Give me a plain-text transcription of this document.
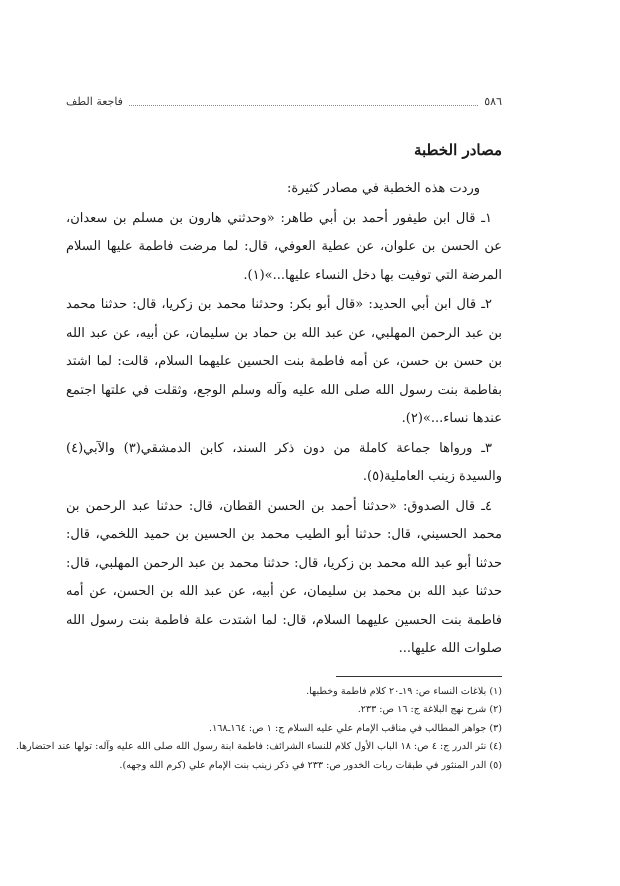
٥٨٦
فاجعة الطف
مصادر الخطبة

وردت هذه الخطبة في مصادر كثيرة:

١ـ قال ابن طيفور أحمد بن أبي طاهر: «وحدثني هارون بن مسلم بن سعدان، عن الحسن بن علوان، عن عطية العوفي، قال: لما مرضت فاطمة عليها السلام المرضة التي توفيت بها دخل النساء عليها...»(١).

٢ـ قال ابن أبي الحديد: «قال أبو بكر: وحدثنا محمد بن زكريا، قال: حدثنا محمد بن عبد الرحمن المهلبي، عن عبد الله بن حماد بن سليمان، عن أبيه، عن عبد الله بن حسن بن حسن، عن أمه فاطمة بنت الحسين عليهما السلام، قالت: لما اشتد بفاطمة بنت رسول الله صلى الله عليه وآله وسلم الوجع، وثقلت في علتها اجتمع عندها نساء...»(٢).

٣ـ ورواها جماعة كاملة من دون ذكر السند، كابن الدمشقي(٣) والآبي(٤) والسيدة زينب العاملية(٥).

٤ـ قال الصدوق: «حدثنا أحمد بن الحسن القطان، قال: حدثنا عبد الرحمن بن محمد الحسيني، قال: حدثنا أبو الطيب محمد بن الحسين بن حميد اللخمي، قال: حدثنا أبو عبد الله محمد بن زكريا، قال: حدثنا محمد بن عبد الرحمن المهلبي، قال: حدثنا عبد الله بن محمد بن سليمان، عن أبيه، عن عبد الله بن الحسن، عن أمه فاطمة بنت الحسين عليهما السلام، قال: لما اشتدت علة فاطمة بنت رسول الله صلوات الله عليها...

(١) بلاغات النساء ص: ١٩ـ٢٠ كلام فاطمة وخطبها.
(٢) شرح نهج البلاغة ج: ١٦ ص: ٢٣٣.
(٣) جواهر المطالب في مناقب الإمام علي عليه السلام ج: ١ ص: ١٦٤ـ١٦٨.
(٤) نثر الدرر ج: ٤ ص: ١٨ الباب الأول كلام للنساء الشرائف: فاطمة ابنة رسول الله صلى الله عليه وآله: تولها عند احتضارها.
(٥) الدر المنثور في طبقات ربات الخدور ص: ٢٣٣ في ذكر زينب بنت الإمام علي (كرم الله وجهه).
